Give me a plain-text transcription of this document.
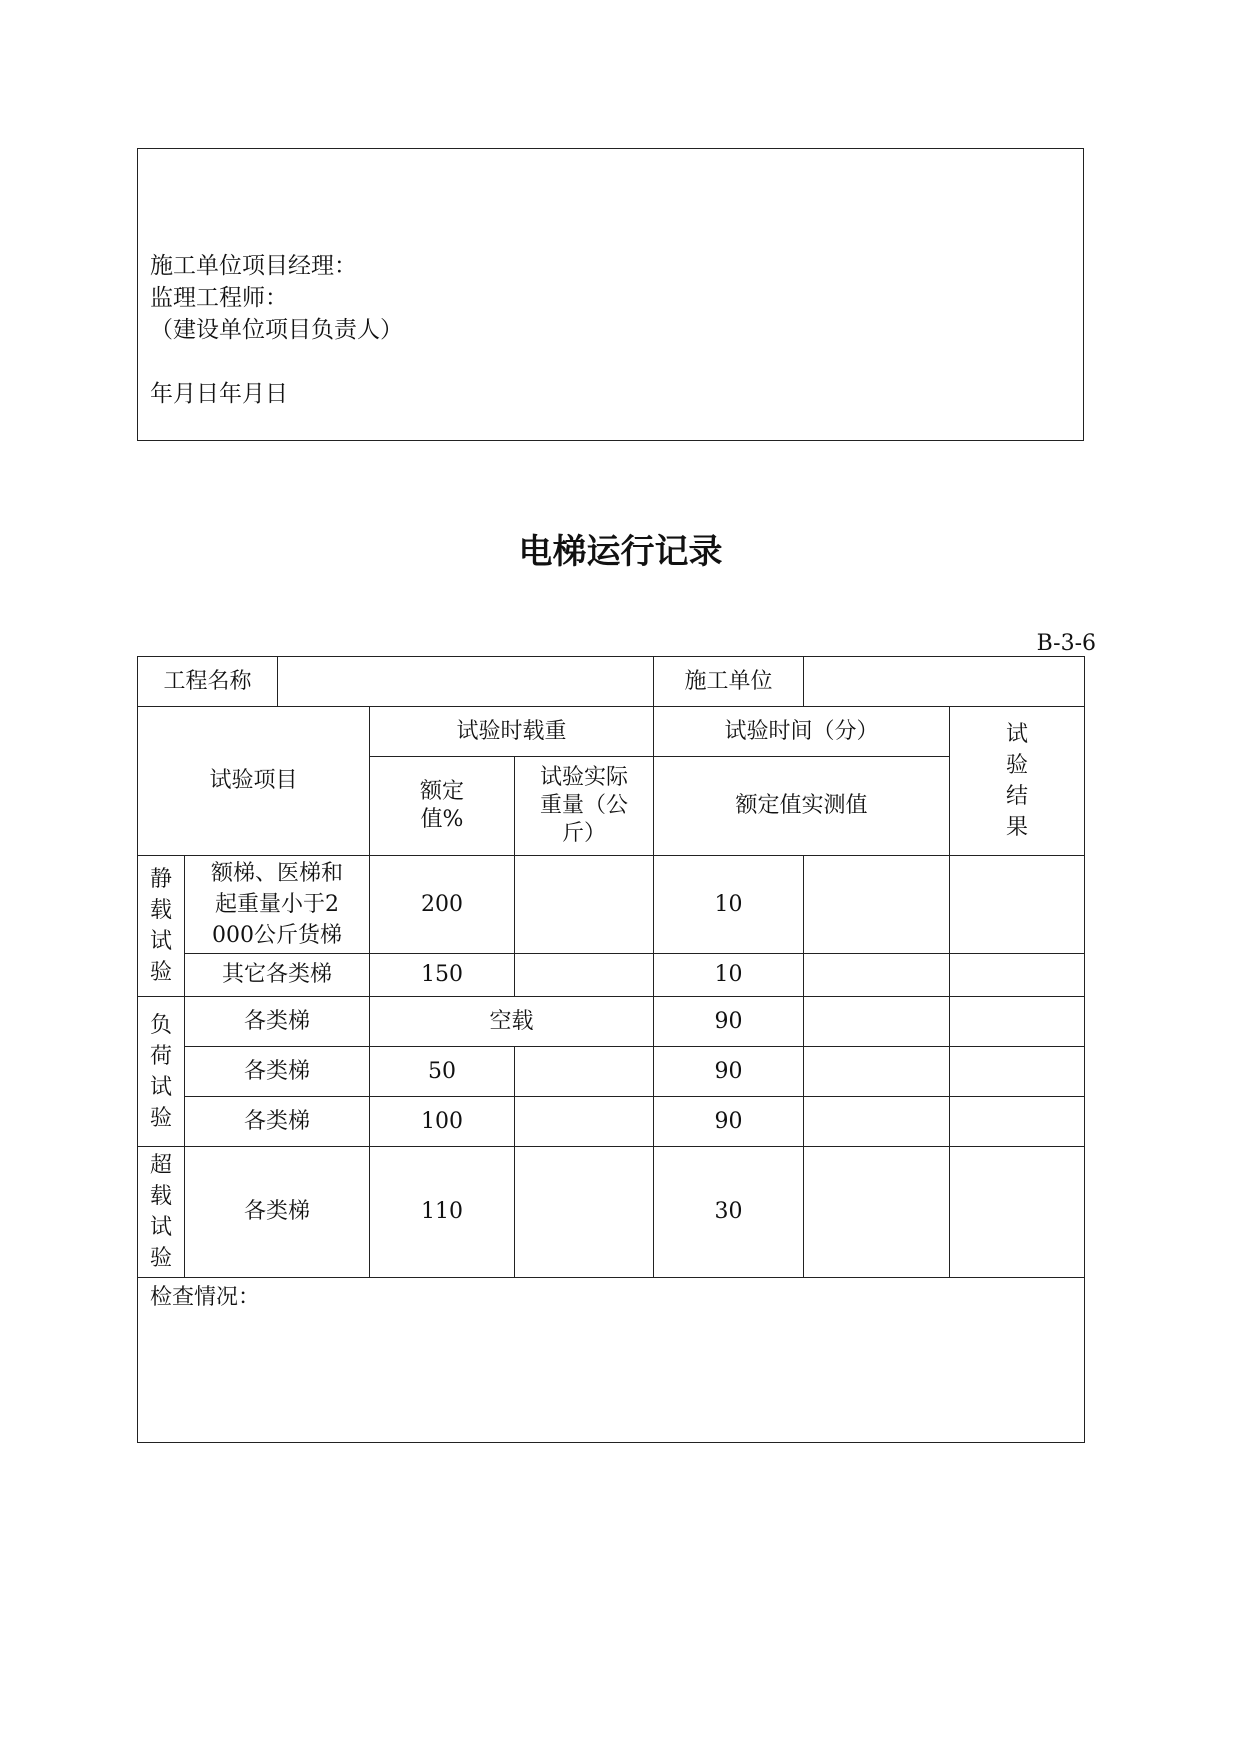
施工单位项目经理：
监理工程师：
（建设单位项目负责人）
年月日年月日
电梯运行记录
B-3-6
工程名称					施工单位		
试验项目			试验时载重		试验时间（分）		试验结果

			额定值%	试验实际重量（公斤）	额定值实测值		

静载试验	额梯、医梯和起重量小于2000公斤货梯		200		10		
	其它各类梯		150		10		

负荷试验	各类梯		空载		90		
	各类梯		50		90		
	各类梯		100		90		

超载试验	各类梯		110		30		
检查情况：							
